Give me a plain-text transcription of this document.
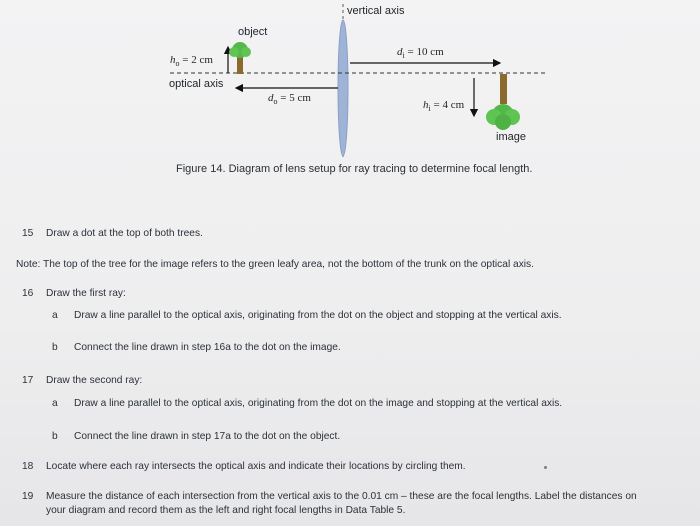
vertical axis
object
optical axis
image
$h_o = 2$ cm
$d_o = 5$ cm
$d_i = 10$ cm
$h_i = 4$ cm
Figure 14. Diagram of lens setup for ray tracing to determine focal length.
15 Draw a dot at the top of both trees.
Note: The top of the tree for the image refers to the green leafy area, not the bottom of the trunk on the optical axis.
16 Draw the first ray:
a Draw a line parallel to the optical axis, originating from the dot on the object and stopping at the vertical axis.
b Connect the line drawn in step 16a to the dot on the image.
17 Draw the second ray:
a Draw a line parallel to the optical axis, originating from the dot on the image and stopping at the vertical axis.
b Connect the line drawn in step 17a to the dot on the object.
18 Locate where each ray intersects the optical axis and indicate their locations by circling them.
19 Measure the distance of each intersection from the vertical axis to the 0.01 cm – these are the focal lengths. Label the distances on
your diagram and record them as the left and right focal lengths in Data Table 5.
